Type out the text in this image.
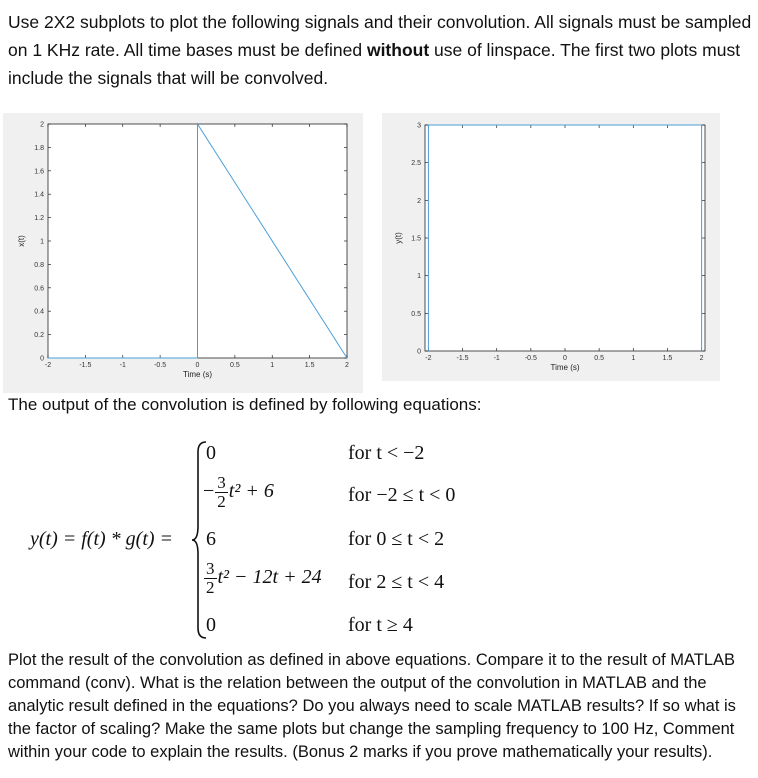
Use 2X2 subplots to plot the following signals and their convolution. All signals must be sampled on 1 KHz rate. All time bases must be defined without use of linspace. The first two plots must include the signals that will be convolved.
-2	-1.5	-1	-0.5	0	0.5	1	1.5	2
0
0.2
0.4
0.6
0.8
1
1.2
1.4
1.6
1.8
2
Time (s)
x(t)
-2	-1.5	-1	-0.5	0	0.5	1	1.5	2
0
0.5
1
1.5
2
2.5
3
Time (s)
y(t)
The output of the convolution is defined by following equations:
y(t) = f(t) * g(t) =
0	for t < −2
− $\frac{3}{2} t^2 + 6$	for −2 ≤ t < 0
6	for 0 ≤ t < 2
$\frac{3}{2} t^2 - 12t + 24$ for 2 ≤ t < 4
0	for t ≥ 4
Plot the result of the convolution as defined in above equations. Compare it to the result of MATLAB command (conv). What is the relation between the output of the convolution in MATLAB and the analytic result defined in the equations? Do you always need to scale MATLAB results? If so what is the factor of scaling? Make the same plots but change the sampling frequency to 100 Hz, Comment within your code to explain the results. (Bonus 2 marks if you prove mathematically your results).
